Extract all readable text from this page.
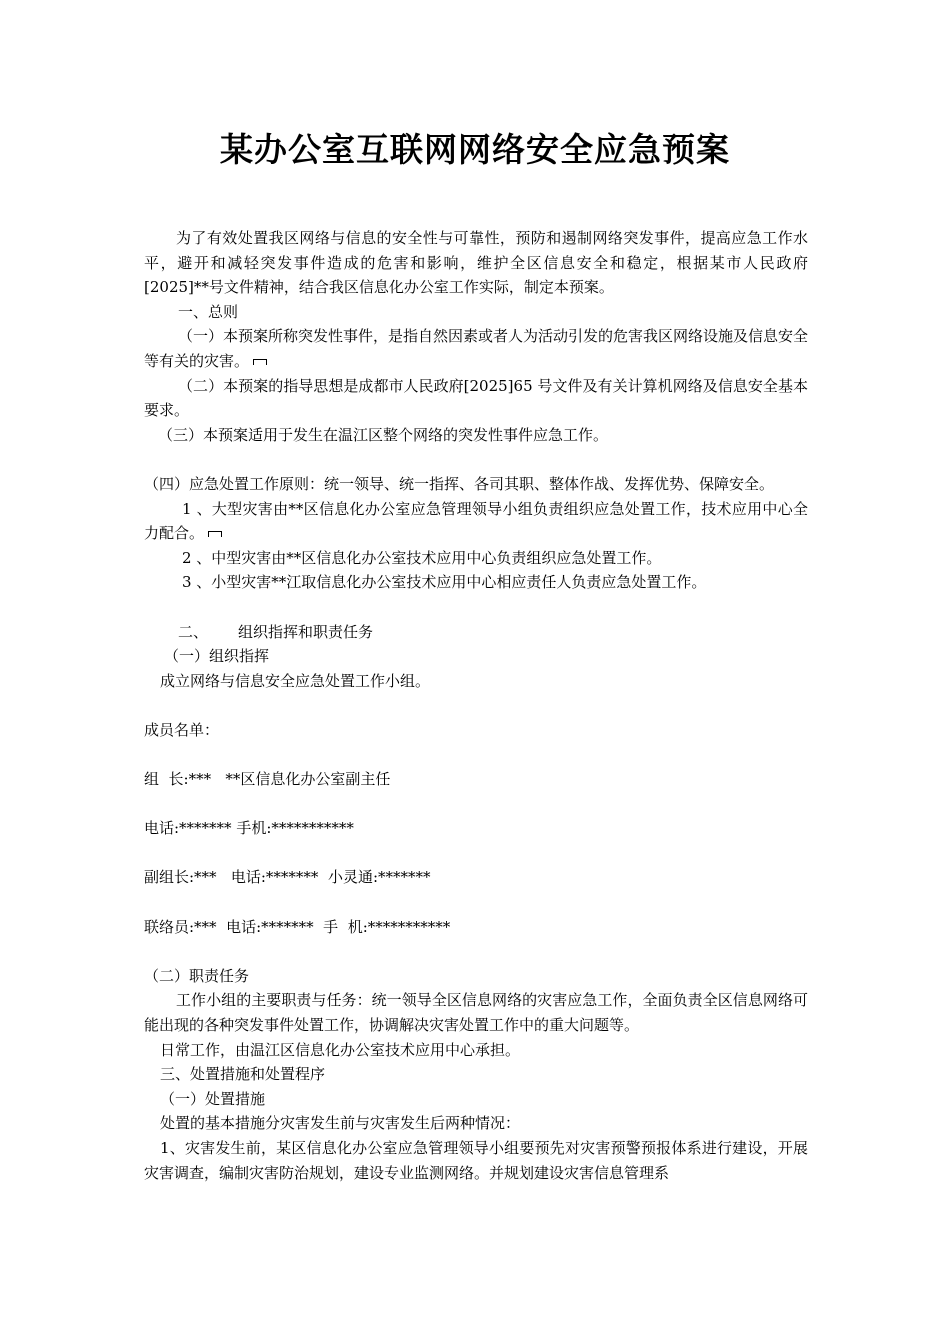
某办公室互联网网络安全应急预案

为了有效处置我区网络与信息的安全性与可靠性，预防和遏制网络突发事件，提高应急工作水平，避开和减轻突发事件造成的危害和影响，维护全区信息安全和稳定，根据某市人民政府[2025]**号文件精神，结合我区信息化办公室工作实际，制定本预案。

一、总则

（一）本预案所称突发性事件，是指自然因素或者人为活动引发的危害我区网络设施及信息安全等有关的灾害。

（二）本预案的指导思想是成都市人民政府[2025]65 号文件及有关计算机网络及信息安全基本要求。

（三）本预案适用于发生在温江区整个网络的突发性事件应急工作。

（四）应急处置工作原则：统一领导、统一指挥、各司其职、整体作战、发挥优势、保障安全。

1 、大型灾害由**区信息化办公室应急管理领导小组负责组织应急处置工作，技术应用中心全力配合。

2 、中型灾害由**区信息化办公室技术应用中心负责组织应急处置工作。

3 、小型灾害**江取信息化办公室技术应用中心相应责任人负责应急处置工作。

二、 组织指挥和职责任务

（一）组织指挥

成立网络与信息安全应急处置工作小组。

成员名单：

组  长:***   **区信息化办公室副主任

电话:******* 手机:***********

副组长:***   电话:*******  小灵通:*******

联络员:***  电话:*******  手  机:***********

（二）职责任务

工作小组的主要职责与任务：统一领导全区信息网络的灾害应急工作，全面负责全区信息网络可能出现的各种突发事件处置工作，协调解决灾害处置工作中的重大问题等。

日常工作，由温江区信息化办公室技术应用中心承担。

三、处置措施和处置程序

（一）处置措施

处置的基本措施分灾害发生前与灾害发生后两种情况：

1、灾害发生前，某区信息化办公室应急管理领导小组要预先对灾害预警预报体系进行建设，开展灾害调查，编制灾害防治规划，建设专业监测网络。并规划建设灾害信息管理系
